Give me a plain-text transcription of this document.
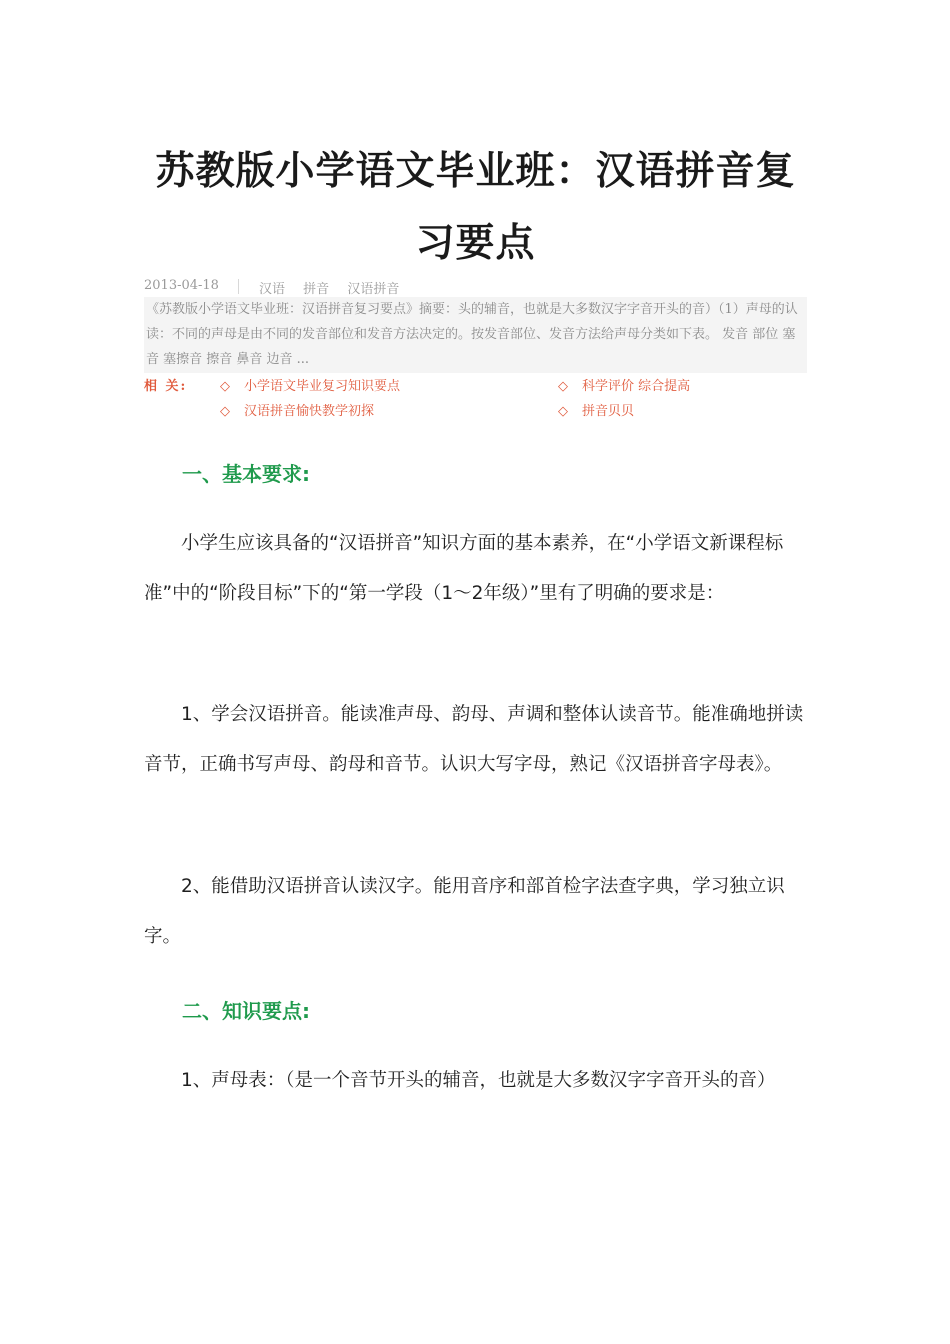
苏教版小学语文毕业班：汉语拼音复习要点
2013-04-18	汉语 拼音 汉语拼音
《苏教版小学语文毕业班：汉语拼音复习要点》摘要：头的辅音，也就是大多数汉字字音开头的音）（1）声母的认读：不同的声母是由不同的发音部位和发音方法决定的。按发音部位、发音方法给声母分类如下表。 发音 部位 塞音 塞擦音 擦音 鼻音 边音 ...
相 关:	◇ 小学语文毕业复习知识要点	◇ 科学评价 综合提高
◇ 汉语拼音愉快教学初探	◇ 拼音贝贝
一、基本要求:
小学生应该具备的“汉语拼音”知识方面的基本素养，在“小学语文新课程标准”中的“阶段目标”下的“第一学段（1～2年级）”里有了明确的要求是：
1、学会汉语拼音。能读准声母、韵母、声调和整体认读音节。能准确地拼读音节，正确书写声母、韵母和音节。认识大写字母，熟记《汉语拼音字母表》。
2、能借助汉语拼音认读汉字。能用音序和部首检字法查字典，学习独立识字。
二、知识要点:
1、声母表：（是一个音节开头的辅音，也就是大多数汉字字音开头的音）
